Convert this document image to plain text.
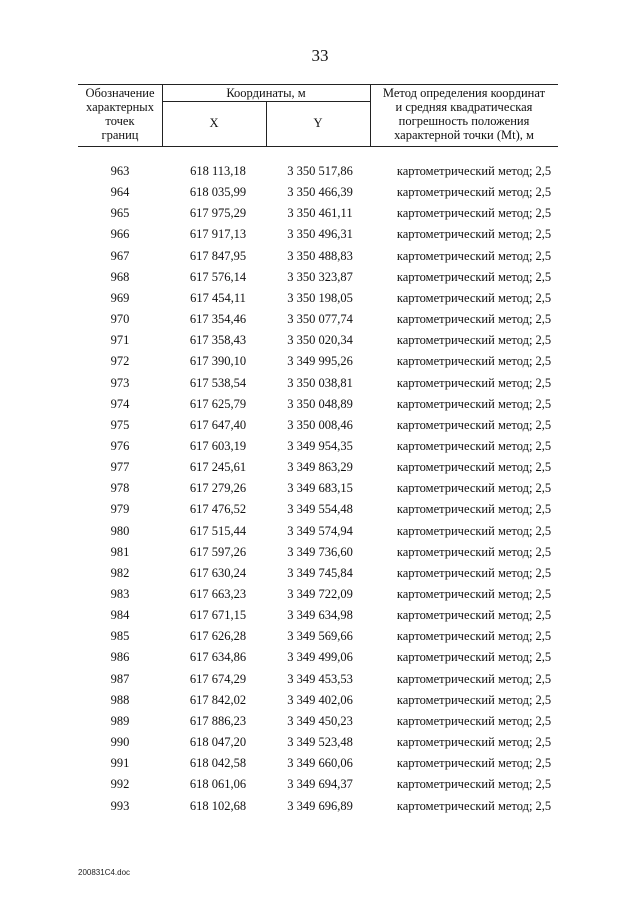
33
Обозначение
характерных
точек
границ
Координаты, м
X	Y
Метод определения координат
и средняя квадратическая
погрешность положения
характерной точки (Mt), м
963	618 113,18	3 350 517,86	картометрический метод; 2,5
964	618 035,99	3 350 466,39	картометрический метод; 2,5
965	617 975,29	3 350 461,11	картометрический метод; 2,5
966	617 917,13	3 350 496,31	картометрический метод; 2,5
967	617 847,95	3 350 488,83	картометрический метод; 2,5
968	617 576,14	3 350 323,87	картометрический метод; 2,5
969	617 454,11	3 350 198,05	картометрический метод; 2,5
970	617 354,46	3 350 077,74	картометрический метод; 2,5
971	617 358,43	3 350 020,34	картометрический метод; 2,5
972	617 390,10	3 349 995,26	картометрический метод; 2,5
973	617 538,54	3 350 038,81	картометрический метод; 2,5
974	617 625,79	3 350 048,89	картометрический метод; 2,5
975	617 647,40	3 350 008,46	картометрический метод; 2,5
976	617 603,19	3 349 954,35	картометрический метод; 2,5
977	617 245,61	3 349 863,29	картометрический метод; 2,5
978	617 279,26	3 349 683,15	картометрический метод; 2,5
979	617 476,52	3 349 554,48	картометрический метод; 2,5
980	617 515,44	3 349 574,94	картометрический метод; 2,5
981	617 597,26	3 349 736,60	картометрический метод; 2,5
982	617 630,24	3 349 745,84	картометрический метод; 2,5
983	617 663,23	3 349 722,09	картометрический метод; 2,5
984	617 671,15	3 349 634,98	картометрический метод; 2,5
985	617 626,28	3 349 569,66	картометрический метод; 2,5
986	617 634,86	3 349 499,06	картометрический метод; 2,5
987	617 674,29	3 349 453,53	картометрический метод; 2,5
988	617 842,02	3 349 402,06	картометрический метод; 2,5
989	617 886,23	3 349 450,23	картометрический метод; 2,5
990	618 047,20	3 349 523,48	картометрический метод; 2,5
991	618 042,58	3 349 660,06	картометрический метод; 2,5
992	618 061,06	3 349 694,37	картометрический метод; 2,5
993	618 102,68	3 349 696,89	картометрический метод; 2,5
200831C4.doc
